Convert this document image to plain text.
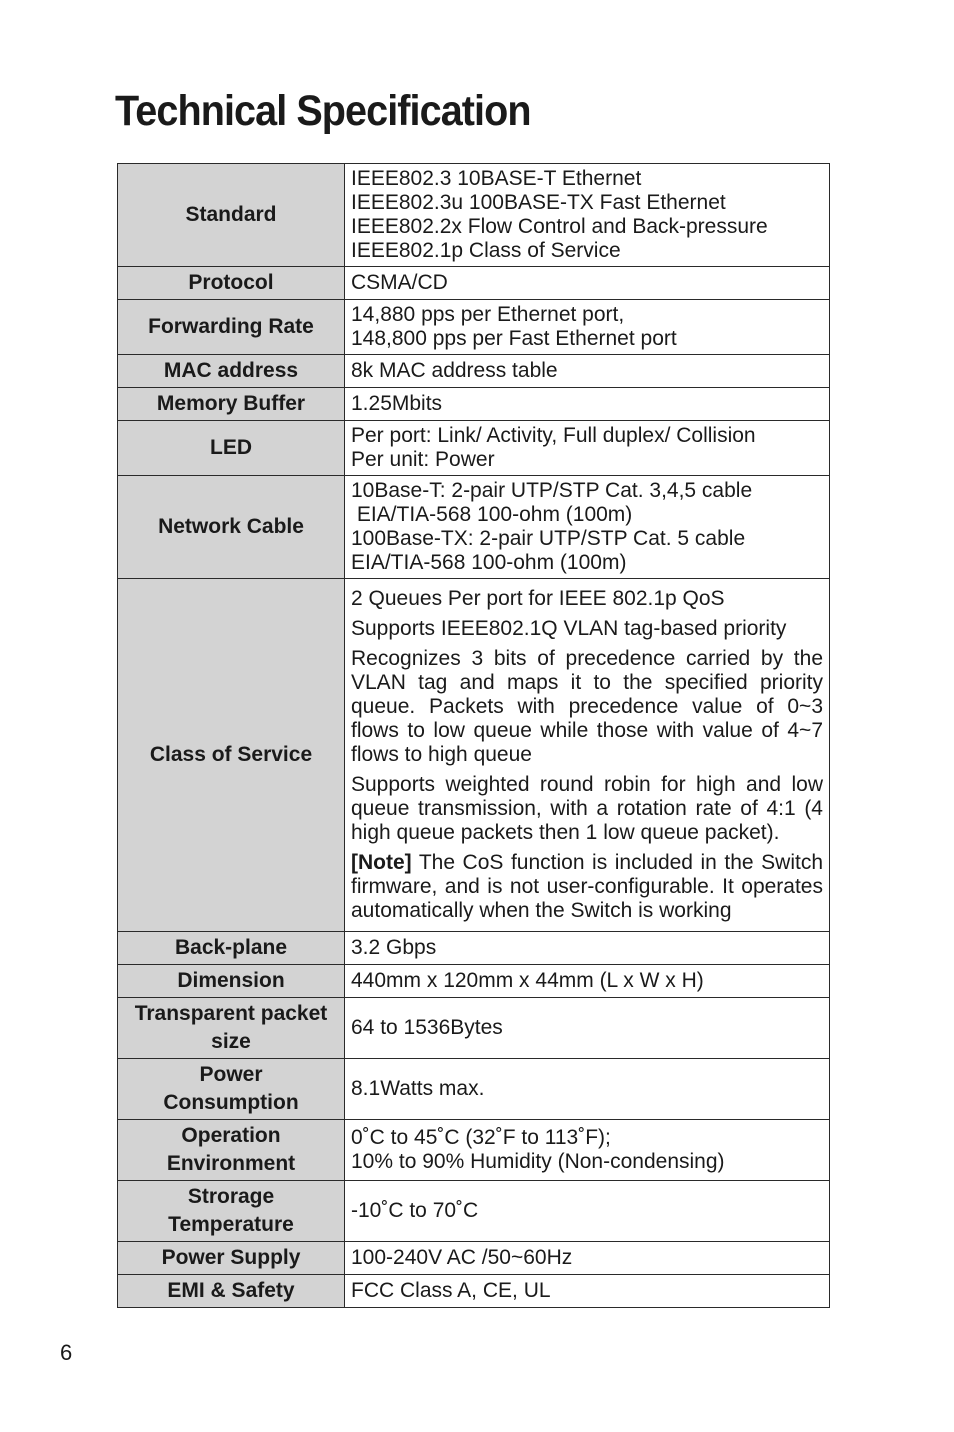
Technical Specification
Standard	IEEE802.3 10BASE-T Ethernet
IEEE802.3u 100BASE-TX Fast Ethernet
IEEE802.2x Flow Control and Back-pressure
IEEE802.1p Class of Service

Protocol	CSMA/CD
Forwarding Rate	14,880 pps per Ethernet port,
148,800 pps per Fast Ethernet port

MAC address	8k MAC address table
Memory Buffer	1.25Mbits
LED	Per port: Link/ Activity, Full duplex/ Collision
Per unit: Power

Network Cable	10Base-T: 2-pair UTP/STP Cat. 3,4,5 cable
EIA/TIA-568 100-ohm (100m)
100Base-TX: 2-pair UTP/STP Cat. 5 cable
EIA/TIA-568 100-ohm (100m)

Class of Service	2 Queues Per port for IEEE 802.1p QoS
Supports IEEE802.1Q VLAN tag-based priority
Recognizes 3 bits of precedence carried by the VLAN tag and maps it to the specified priority queue. Packets with precedence value of 0~3 flows to low queue while those with value of 4~7 flows to high queue
Supports weighted round robin for high and low queue transmission, with a rotation rate of 4:1 (4 high queue packets then 1 low queue packet).
[Note] The CoS function is included in the Switch firmware, and is not user-configurable. It operates automatically when the Switch is working

Back-plane	3.2 Gbps
Dimension	440mm x 120mm x 44mm (L x W x H)

Transparent packet
size	64 to 1536Bytes

Power
Consumption	8.1Watts max.

Operation
Environment	0˚C to 45˚C (32˚F to 113˚F);
10% to 90% Humidity (Non-condensing)

Strorage
Temperature	-10˚C to 70˚C
Power Supply	100-240V AC /50~60Hz
EMI & Safety	FCC Class A, CE, UL
6
